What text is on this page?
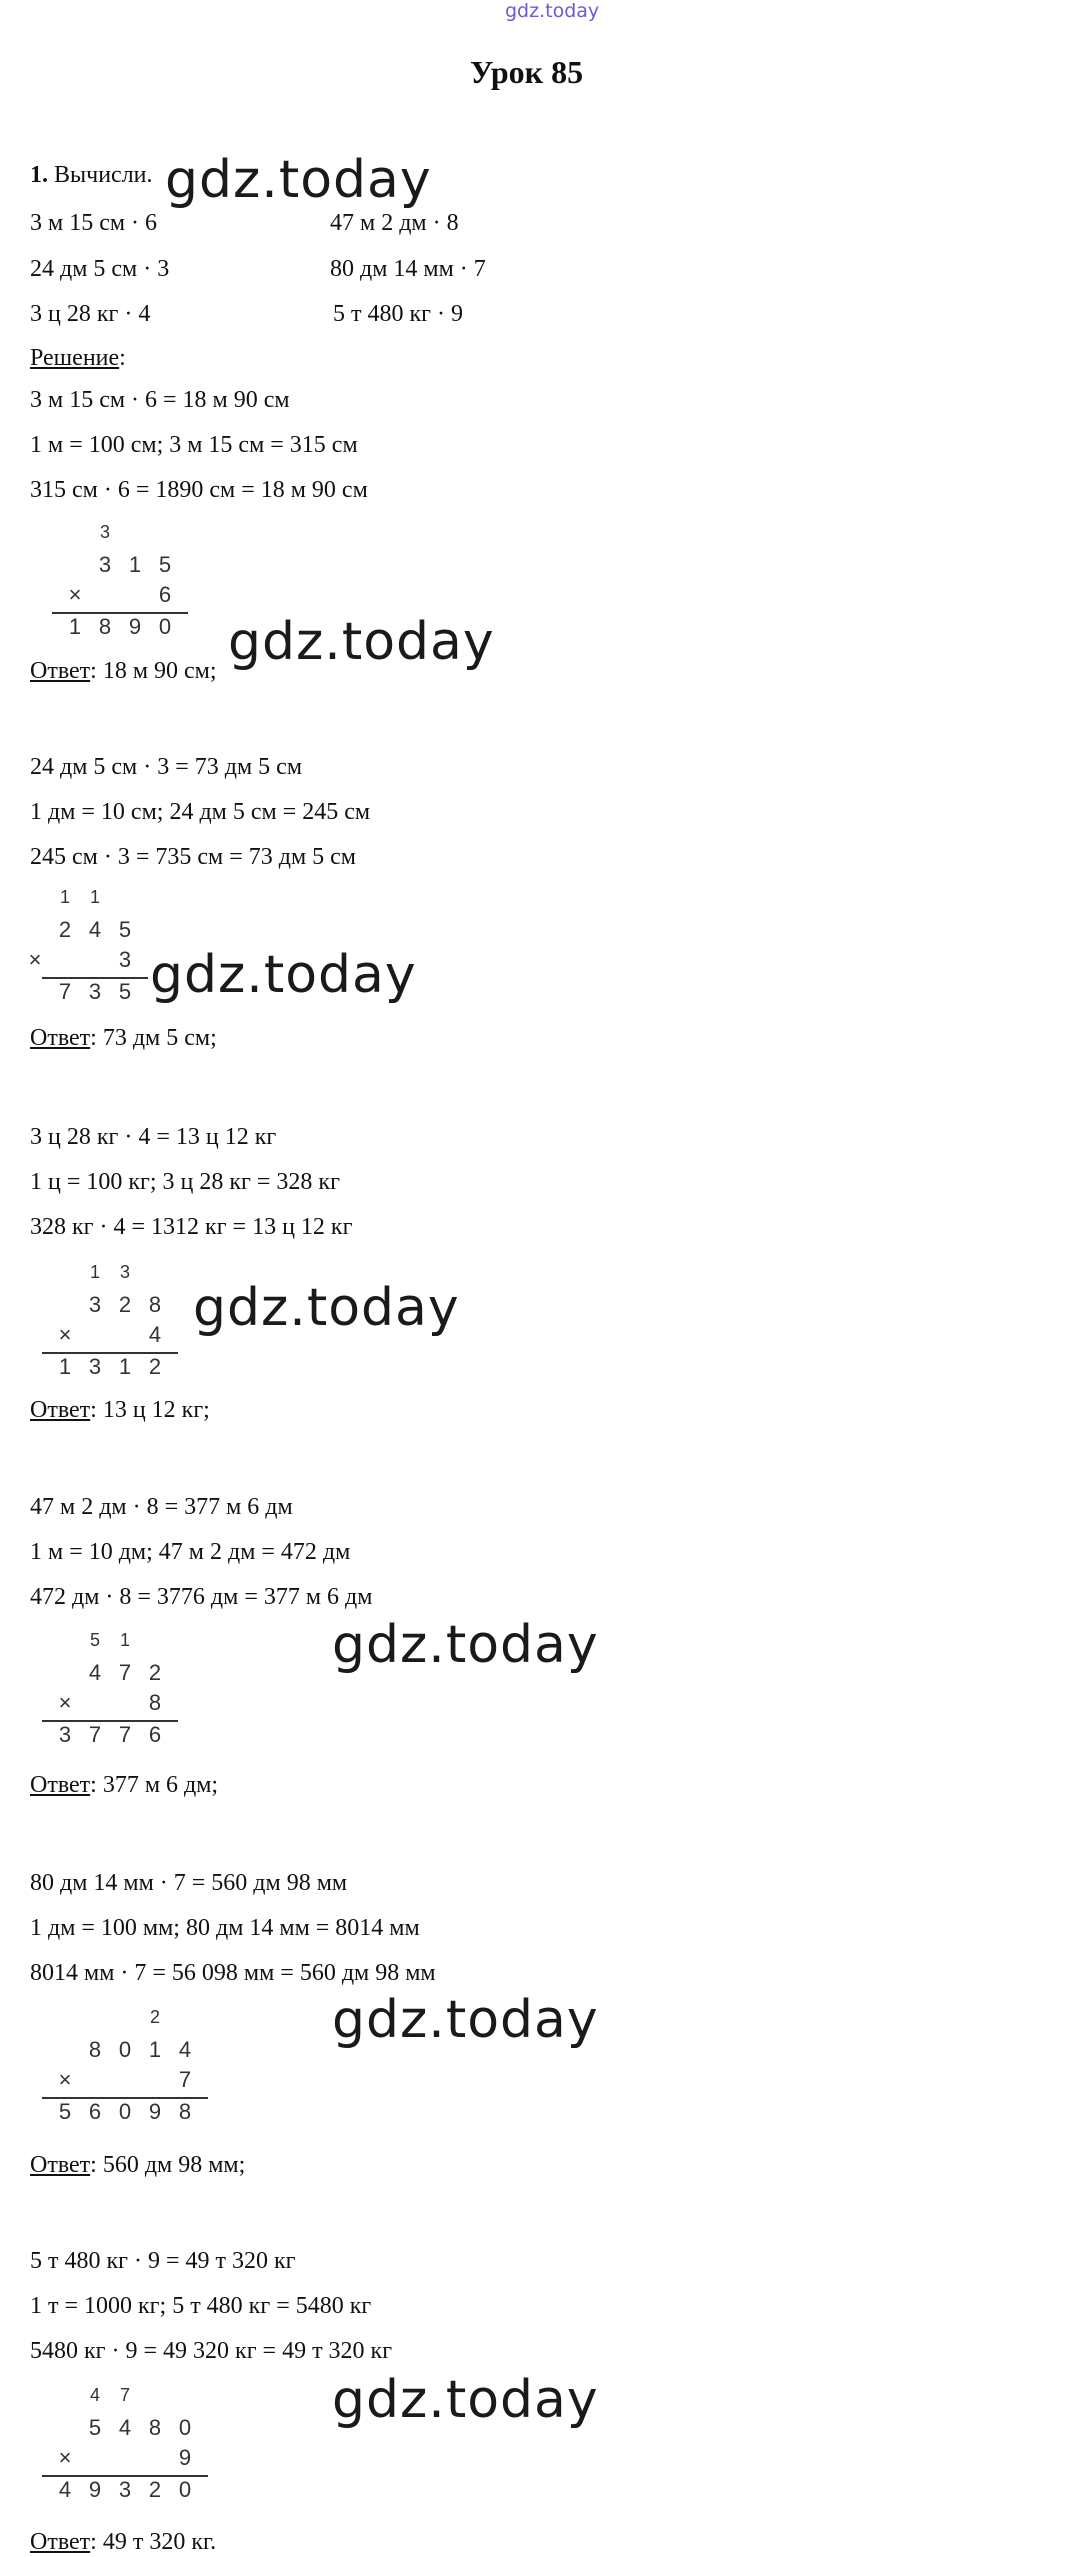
gdz.today
Урок 85
1. Вычисли.
3 м 15 см · 6	47 м 2 дм · 8
24 дм 5 см · 3	80 дм 14 мм · 7
3 ц 28 кг · 4	5 т 480 кг · 9
Решение:
3 м 15 см · 6 = 18 м 90 см
1 м = 100 см; 3 м 15 см = 315 см
315 см · 6 = 1890 см = 18 м 90 см
3
3 1 5
×	6
1 8 9 0
Ответ: 18 м 90 см;
24 дм 5 см · 3 = 73 дм 5 см
1 дм = 10 см; 24 дм 5 см = 245 см
245 см · 3 = 735 см = 73 дм 5 см
1	1
2 4 5
×	3
7 3 5
Ответ: 73 дм 5 см;
3 ц 28 кг · 4 = 13 ц 12 кг
1 ц = 100 кг; 3 ц 28 кг = 328 кг
328 кг · 4 = 1312 кг = 13 ц 12 кг
1	3
3 2 8
×	4
1 3 1 2
Ответ: 13 ц 12 кг;
47 м 2 дм · 8 = 377 м 6 дм
1 м = 10 дм; 47 м 2 дм = 472 дм
472 дм · 8 = 3776 дм = 377 м 6 дм
5	1
4 7 2
×	8
3 7 7 6
Ответ: 377 м 6 дм;
80 дм 14 мм · 7 = 560 дм 98 мм
1 дм = 100 мм; 80 дм 14 мм = 8014 мм
8014 мм · 7 = 56 098 мм = 560 дм 98 мм
2
8 0 1 4
×	7
5 6 0 9 8
Ответ: 560 дм 98 мм;
5 т 480 кг · 9 = 49 т 320 кг
1 т = 1000 кг; 5 т 480 кг = 5480 кг
5480 кг · 9 = 49 320 кг = 49 т 320 кг
4	7
5 4 8 0
×	9
4 9 3 2 0
Ответ: 49 т 320 кг.
gdz.today
gdz.today
gdz.today
gdz.today
gdz.today
gdz.today
gdz.today
